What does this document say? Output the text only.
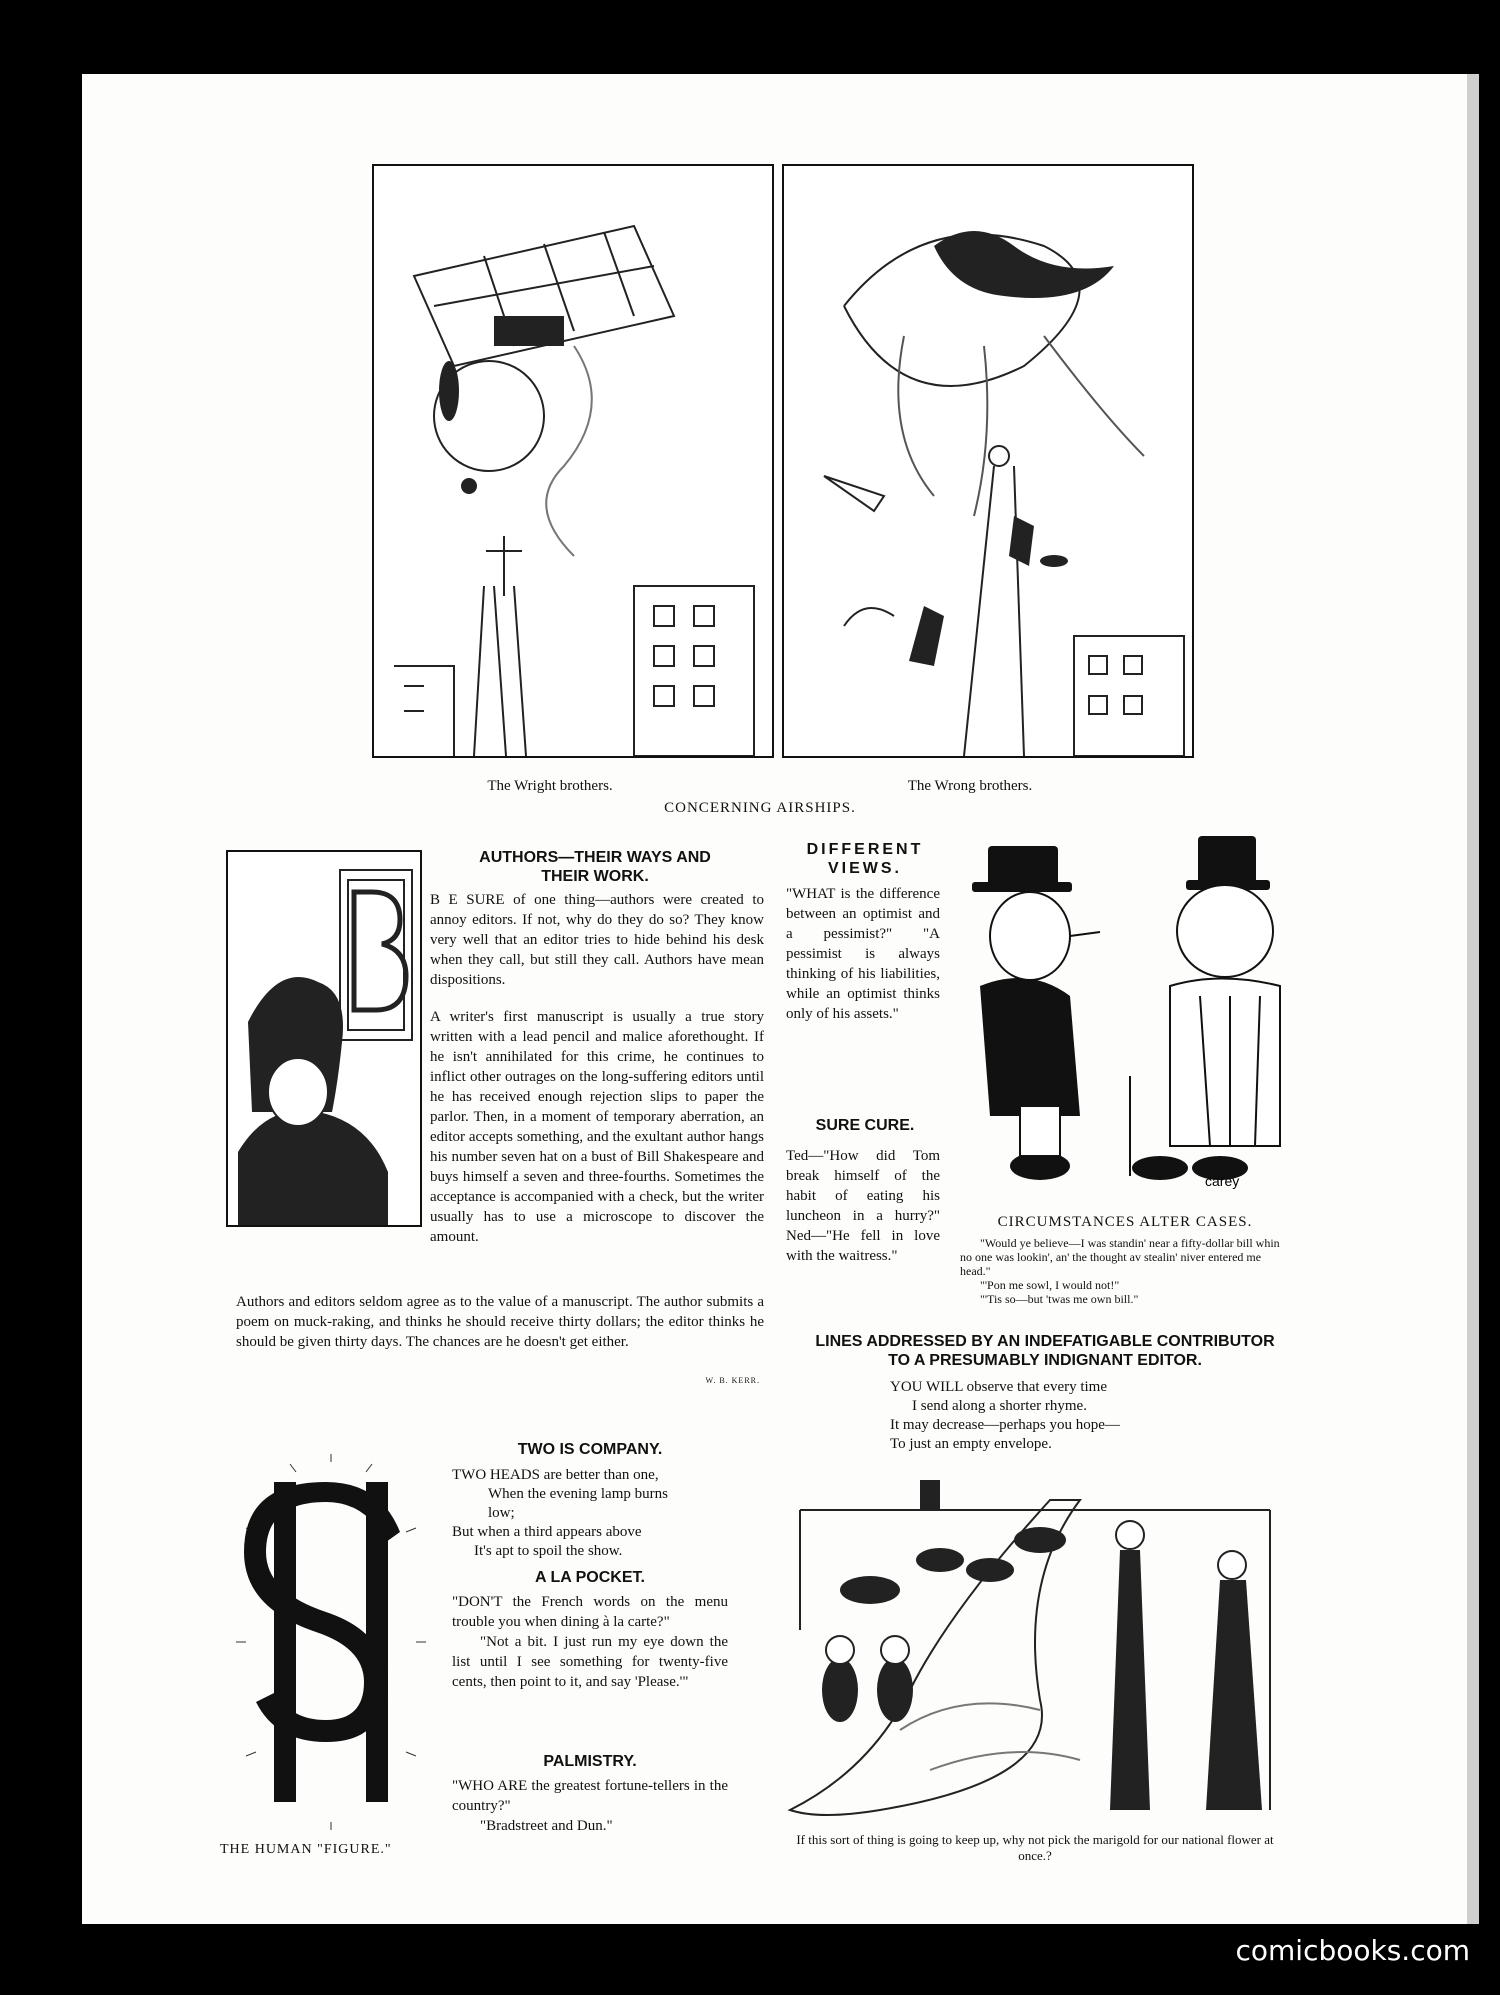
The Wright brothers.	The Wrong brothers.
CONCERNING AIRSHIPS.
AUTHORS—THEIR WAYS AND
THEIR WORK.
B E SURE of one thing—authors were created to annoy editors. If not, why do they do so? They know very well that an editor tries to hide behind his desk when they call, but still they call. Authors have mean dispositions.

A writer's first manuscript is usually a true story written with a lead pencil and malice aforethought. If he isn't annihilated for this crime, he continues to inflict other outrages on the long-suffering editors until he has received enough rejection slips to paper the parlor. Then, in a moment of temporary aberration, an editor accepts something, and the exultant author hangs his number seven hat on a bust of Bill Shakespeare and buys himself a seven and three-fourths. Sometimes the acceptance is accompanied with a check, but the writer usually has to use a microscope to discover the amount.
Authors and editors seldom agree as to the value of a manuscript. The author submits a poem on muck-raking, and thinks he should receive thirty dollars; the editor thinks he should be given thirty days. The chances are he doesn't get either.
W. B. KERR.
DIFFERENT
VIEWS.
"WHAT is the difference between an optimist and a pessimist?" "A pessimist is always thinking of his liabilities, while an optimist thinks only of his assets."
SURE CURE.
Ted—"How did Tom break himself of the habit of eating his luncheon in a hurry?" Ned—"He fell in love with the waitress."
carey
CIRCUMSTANCES ALTER CASES.
"Would ye believe—I was standin' near a fifty-dollar bill whin no one was lookin', an' the thought av stealin' niver entered me head."
"'Pon me sowl, I would not!"
"'Tis so—but 'twas me own bill."
LINES ADDRESSED BY AN INDEFATIGABLE CONTRIBUTOR
TO A PRESUMABLY INDIGNANT EDITOR.
YOU WILL observe that every time
I send along a shorter rhyme.
It may decrease—perhaps you hope—
To just an empty envelope.
THE HUMAN "FIGURE."
TWO IS COMPANY.
TWO HEADS are better than one,
When the evening lamp burns
low;
But when a third appears above
It's apt to spoil the show.
A LA POCKET.
"DON'T the French words on the menu trouble you when dining à la carte?"

"Not a bit. I just run my eye down the list until I see something for twenty-five cents, then point to it, and say 'Please.'"

PALMISTRY.
"WHO ARE the greatest fortune-tellers in the country?"

"Bradstreet and Dun."

If this sort of thing is going to keep up, why not pick the marigold for our national flower at once.?
comicbooks.com
